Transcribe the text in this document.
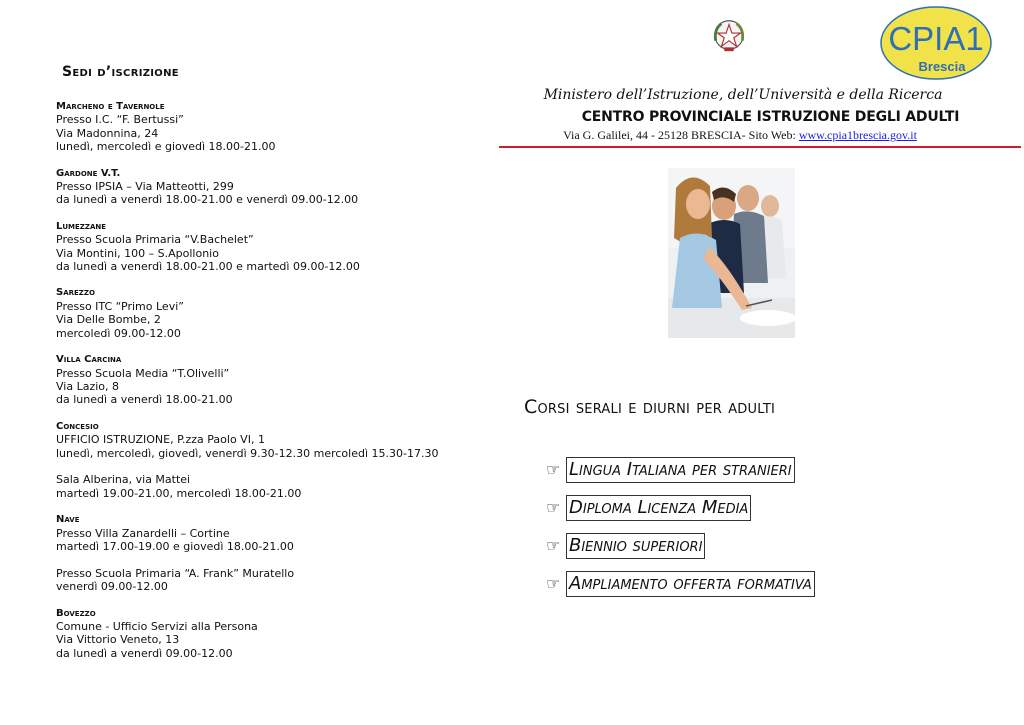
Sedi d’iscrizione
Marcheno e Tavernole
Presso I.C. “F. Bertussi”
Via Madonnina, 24
lunedì, mercoledì e giovedì 18.00-21.00
Gardone V.T.
Presso IPSIA – Via Matteotti, 299
da lunedì a venerdì 18.00-21.00 e venerdì 09.00-12.00
Lumezzane
Presso Scuola Primaria “V.Bachelet”
Via Montini, 100 – S.Apollonio
da lunedì a venerdì 18.00-21.00 e martedì 09.00-12.00
Sarezzo
Presso ITC “Primo Levi”
Via Delle Bombe, 2
mercoledì 09.00-12.00
Villa Carcina
Presso Scuola Media “T.Olivelli”
Via Lazio, 8
da lunedì a venerdì 18.00-21.00
Concesio
UFFICIO ISTRUZIONE, P.zza Paolo VI, 1
lunedì, mercoledì, giovedì, venerdì 9.30-12.30 mercoledì 15.30-17.30

Sala Alberina, via Mattei
martedì 19.00-21.00, mercoledì 18.00-21.00
Nave
Presso Villa Zanardelli – Cortine
martedì 17.00-19.00 e giovedì 18.00-21.00

Presso Scuola Primaria “A. Frank” Muratello
venerdì 09.00-12.00
Bovezzo
Comune - Ufficio Servizi alla Persona
Via Vittorio Veneto, 13
da lunedì a venerdì 09.00-12.00
CPIA1
Brescia
Ministero dell’Istruzione, dell’Università e della Ricerca
CENTRO PROVINCIALE ISTRUZIONE DEGLI ADULTI
Via G. Galilei, 44 - 25128 BRESCIA- Sito Web: www.cpia1brescia.gov.it
Corsi serali e diurni per adulti
☞ Lingua Italiana per stranieri
☞ Diploma Licenza Media
☞ Biennio superiori
☞ Ampliamento offerta formativa
